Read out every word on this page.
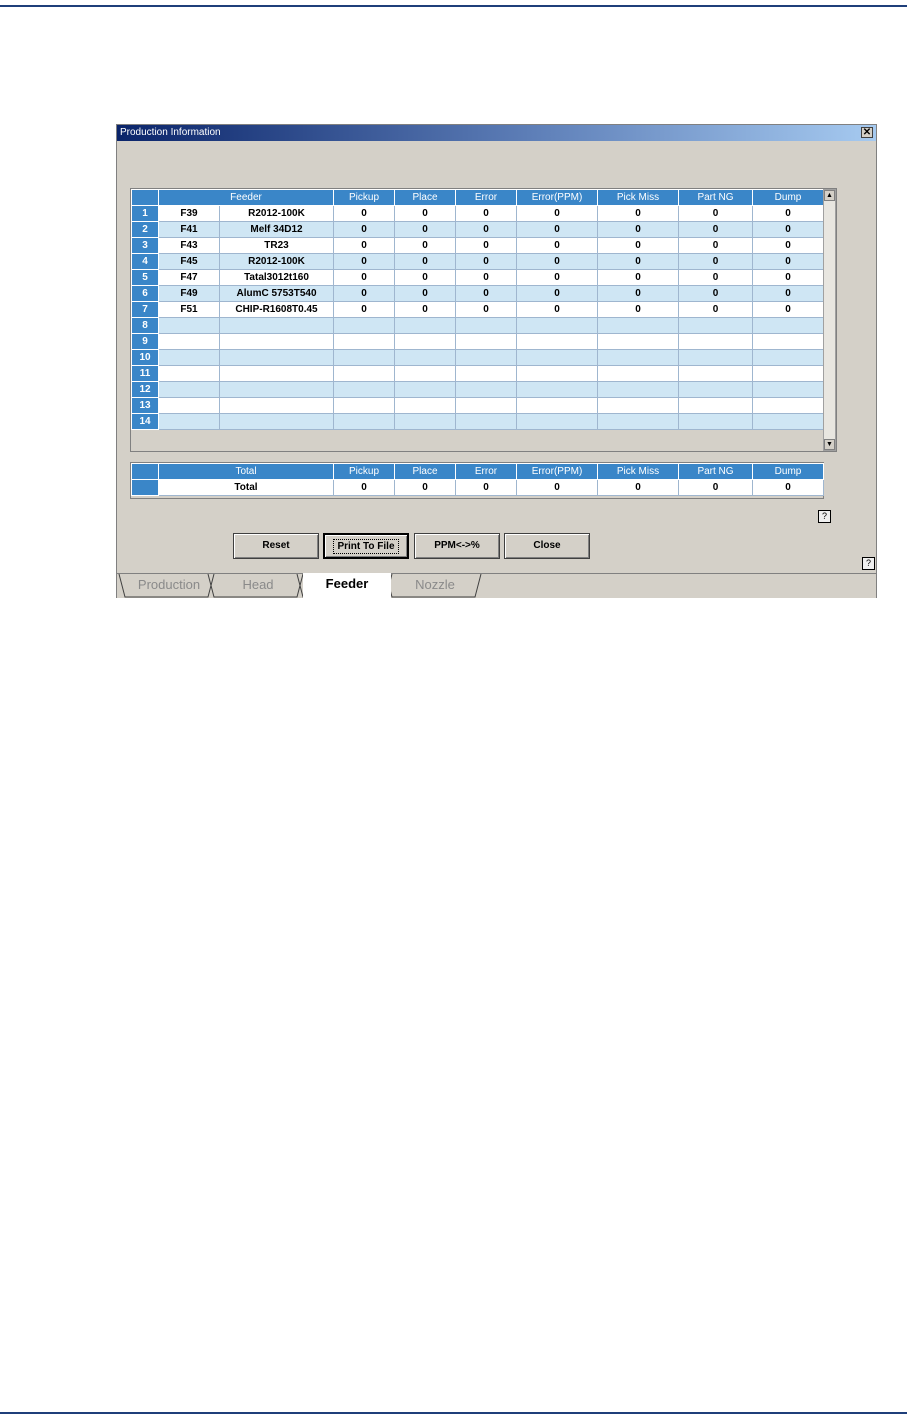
Production Information	✕
	Feeder		Pickup	Place	Error	Error(PPM)	Pick Miss	Part NG	Dump
1	F39	R2012-100K	0	0	0	0	0	0	0
2	F41	Melf 34D12	0	0	0	0	0	0	0
3	F43	TR23	0	0	0	0	0	0	0
4	F45	R2012-100K	0	0	0	0	0	0	0
5	F47	Tatal3012t160	0	0	0	0	0	0	0
6	F49	AlumC 5753T540	0	0	0	0	0	0	0
7	F51	CHIP-R1608T0.45	0	0	0	0	0	0	0
8									
9									
10									
11									
12									
13									
14									
▲
▼
	Total	Pickup	Place	Error	Error(PPM)	Pick Miss	Part NG	Dump
	Total	0	0	0	0	0	0	0
?
Reset	Print To File	PPM<->%	Close
?
Production	Head	Feeder	Nozzle
